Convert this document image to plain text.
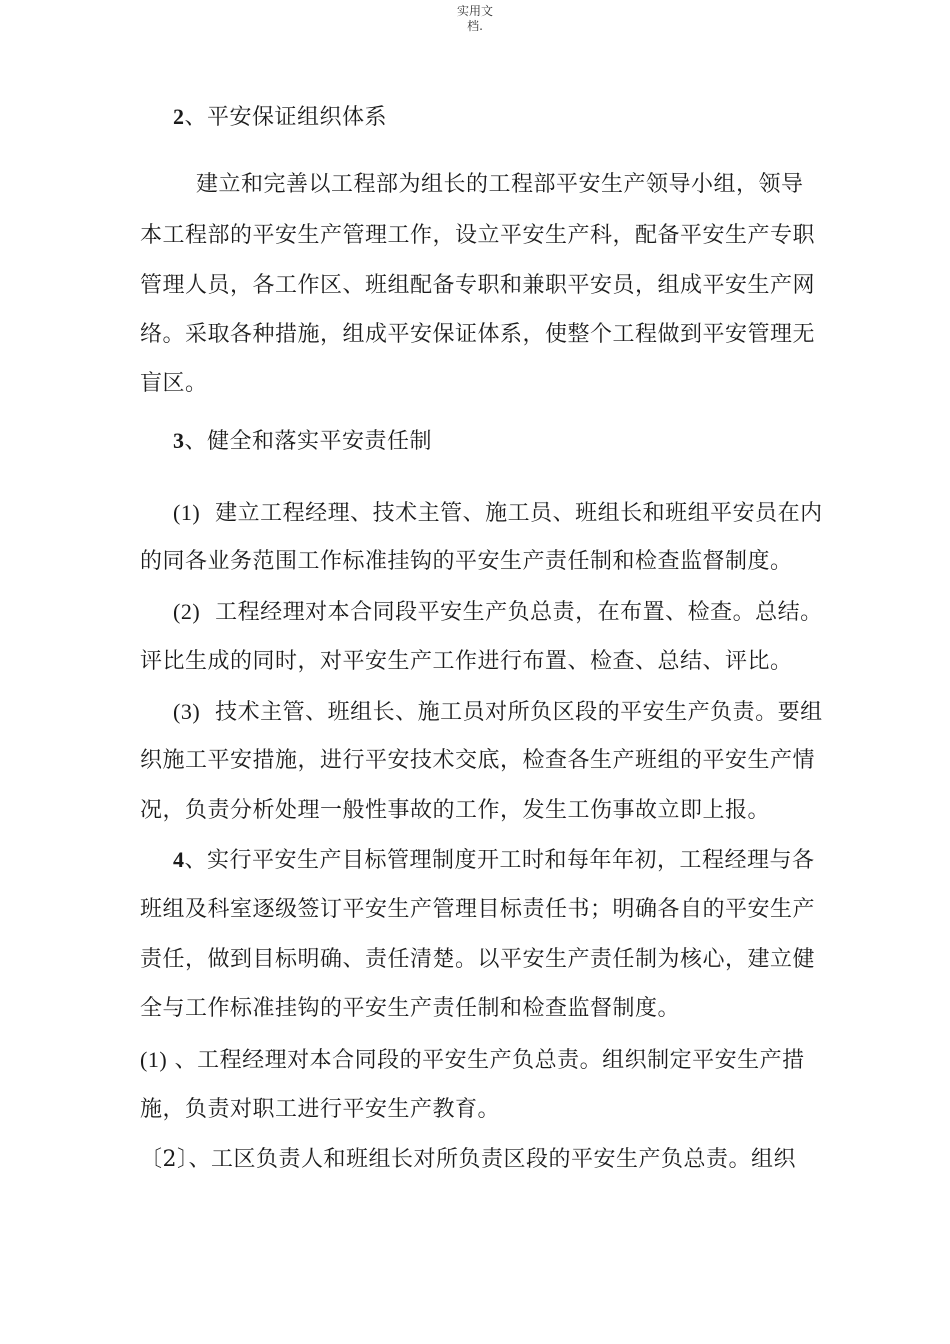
实用文
档.
2、平安保证组织体系
建立和完善以工程部为组长的工程部平安生产领导小组，领导
本工程部的平安生产管理工作，设立平安生产科，配备平安生产专职
管理人员，各工作区、班组配备专职和兼职平安员，组成平安生产网
络。采取各种措施，组成平安保证体系，使整个工程做到平安管理无
盲区。
3、健全和落实平安责任制
(1) 建立工程经理、技术主管、施工员、班组长和班组平安员在内
的同各业务范围工作标准挂钩的平安生产责任制和检查监督制度。
(2) 工程经理对本合同段平安生产负总责，在布置、检查。总结。
评比生成的同时，对平安生产工作进行布置、检查、总结、评比。
(3) 技术主管、班组长、施工员对所负区段的平安生产负责。要组
织施工平安措施，进行平安技术交底，检查各生产班组的平安生产情
况，负责分析处理一般性事故的工作，发生工伤事故立即上报。
4、实行平安生产目标管理制度开工时和每年年初，工程经理与各
班组及科室逐级签订平安生产管理目标责任书；明确各自的平安生产
责任，做到目标明确、责任清楚。以平安生产责任制为核心，建立健
全与工作标准挂钩的平安生产责任制和检查监督制度。
(1) 、工程经理对本合同段的平安生产负总责。组织制定平安生产措
施，负责对职工进行平安生产教育。
〔2〕、工区负责人和班组长对所负责区段的平安生产负总责。组织
